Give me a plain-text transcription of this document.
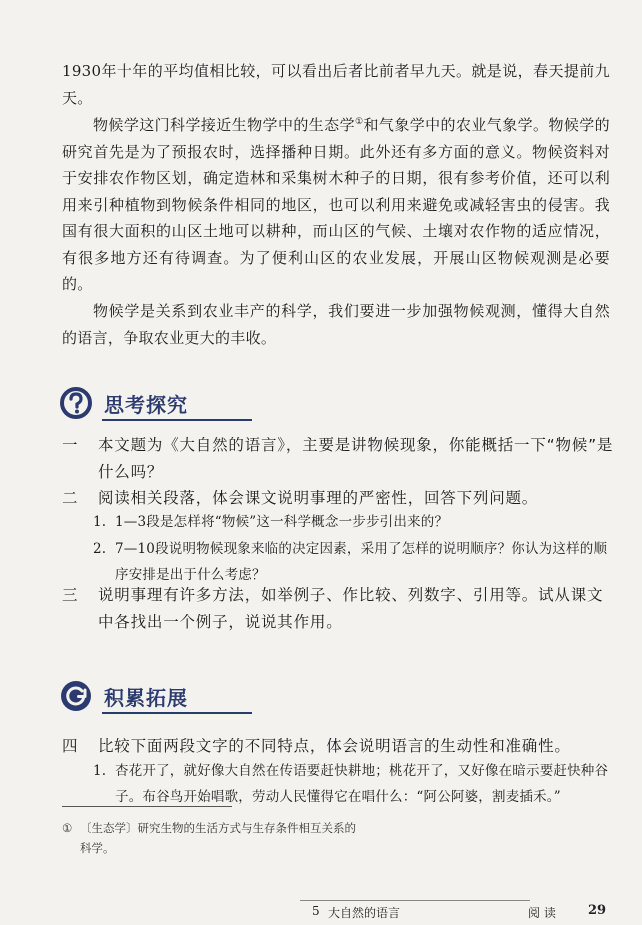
1930年十年的平均值相比较，可以看出后者比前者早九天。就是说，春天提前九天。

物候学这门科学接近生物学中的生态学①和气象学中的农业气象学。物候学的研究首先是为了预报农时，选择播种日期。此外还有多方面的意义。物候资料对于安排农作物区划，确定造林和采集树木种子的日期，很有参考价值，还可以利用来引种植物到物候条件相同的地区，也可以利用来避免或减轻害虫的侵害。我国有很大面积的山区土地可以耕种，而山区的气候、土壤对农作物的适应情况，有很多地方还有待调查。为了便利山区的农业发展，开展山区物候观测是必要的。

物候学是关系到农业丰产的科学，我们要进一步加强物候观测，懂得大自然的语言，争取农业更大的丰收。

思考探究
一	本文题为《大自然的语言》，主要是讲物候现象，你能概括一下“物候”是什么吗？
二	阅读相关段落，体会课文说明事理的严密性，回答下列问题。
1. 1—3段是怎样将“物候”这一科学概念一步步引出来的？
2. 7—10段说明物候现象来临的决定因素，采用了怎样的说明顺序？你认为这样的顺序安排是出于什么考虑？
三	说明事理有许多方法，如举例子、作比较、列数字、引用等。试从课文中各找出一个例子，说说其作用。
积累拓展
四	比较下面两段文字的不同特点，体会说明语言的生动性和准确性。
1. 杏花开了，就好像大自然在传语要赶快耕地；桃花开了，又好像在暗示要赶快种谷子。布谷鸟开始唱歌，劳动人民懂得它在唱什么：“阿公阿婆，割麦插禾。”
① 〔生态学〕研究生物的生活方式与生存条件相互关系的科学。
5 大自然的语言	阅 读 29
